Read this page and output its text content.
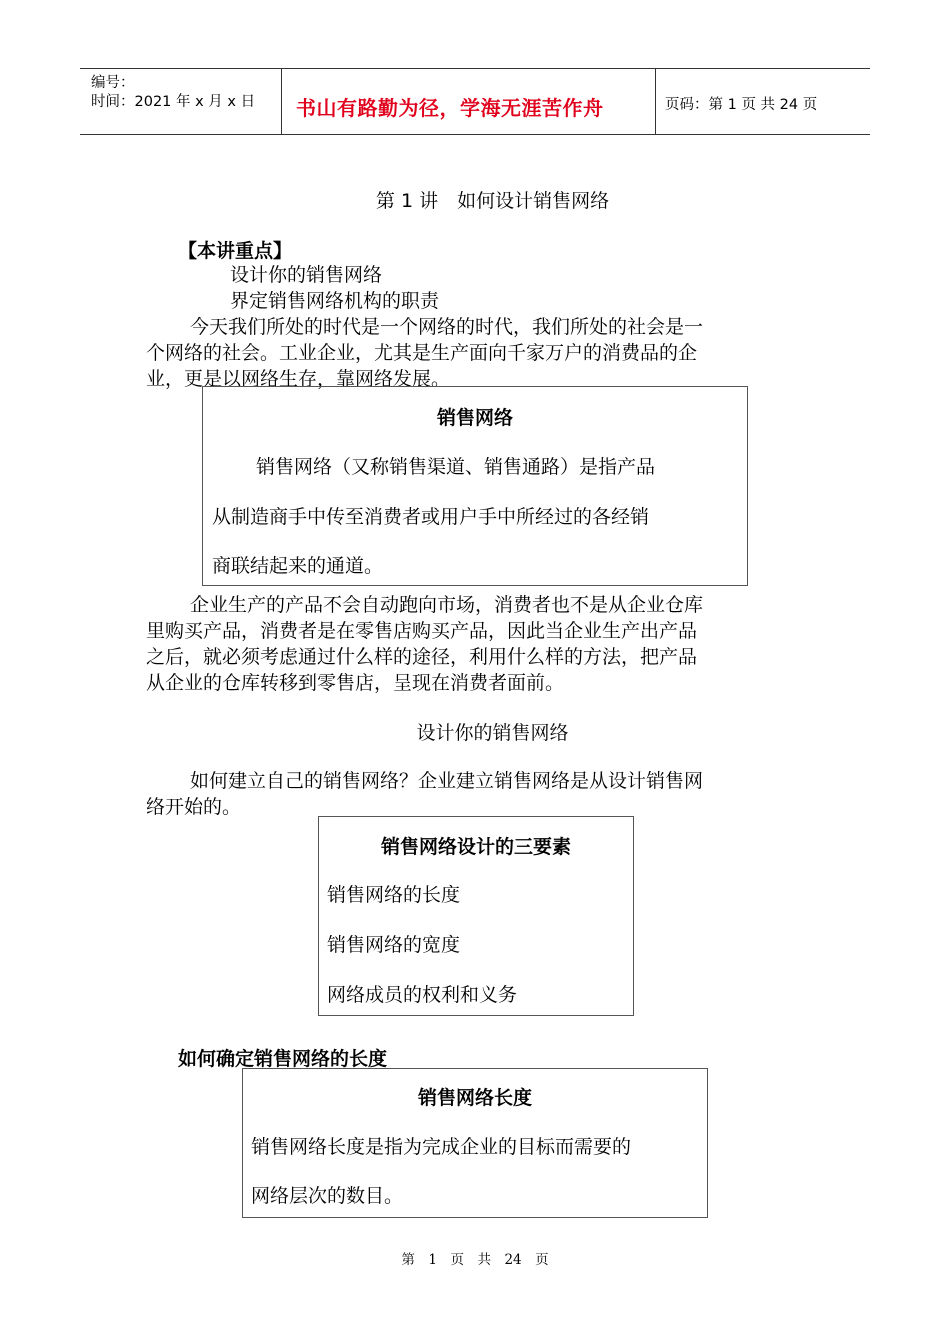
编号：
时间：2021 年 x 月 x 日 书山有路勤为径，学海无涯苦作舟	页码：第 1 页 共 24 页
第 1 讲　如何设计销售网络
【本讲重点】
设计你的销售网络
界定销售网络机构的职责
今天我们所处的时代是一个网络的时代，我们所处的社会是一
个网络的社会。工业企业，尤其是生产面向千家万户的消费品的企
业，更是以网络生存，靠网络发展。
销售网络
销售网络（又称销售渠道、销售通路）是指产品
从制造商手中传至消费者或用户手中所经过的各经销
商联结起来的通道。
企业生产的产品不会自动跑向市场，消费者也不是从企业仓库
里购买产品，消费者是在零售店购买产品，因此当企业生产出产品
之后，就必须考虑通过什么样的途径，利用什么样的方法，把产品
从企业的仓库转移到零售店，呈现在消费者面前。
设计你的销售网络
如何建立自己的销售网络？企业建立销售网络是从设计销售网
络开始的。
销售网络设计的三要素
销售网络的长度
销售网络的宽度
网络成员的权利和义务
如何确定销售网络的长度
销售网络长度
销售网络长度是指为完成企业的目标而需要的
网络层次的数目。
第　1　页　共　24　页
